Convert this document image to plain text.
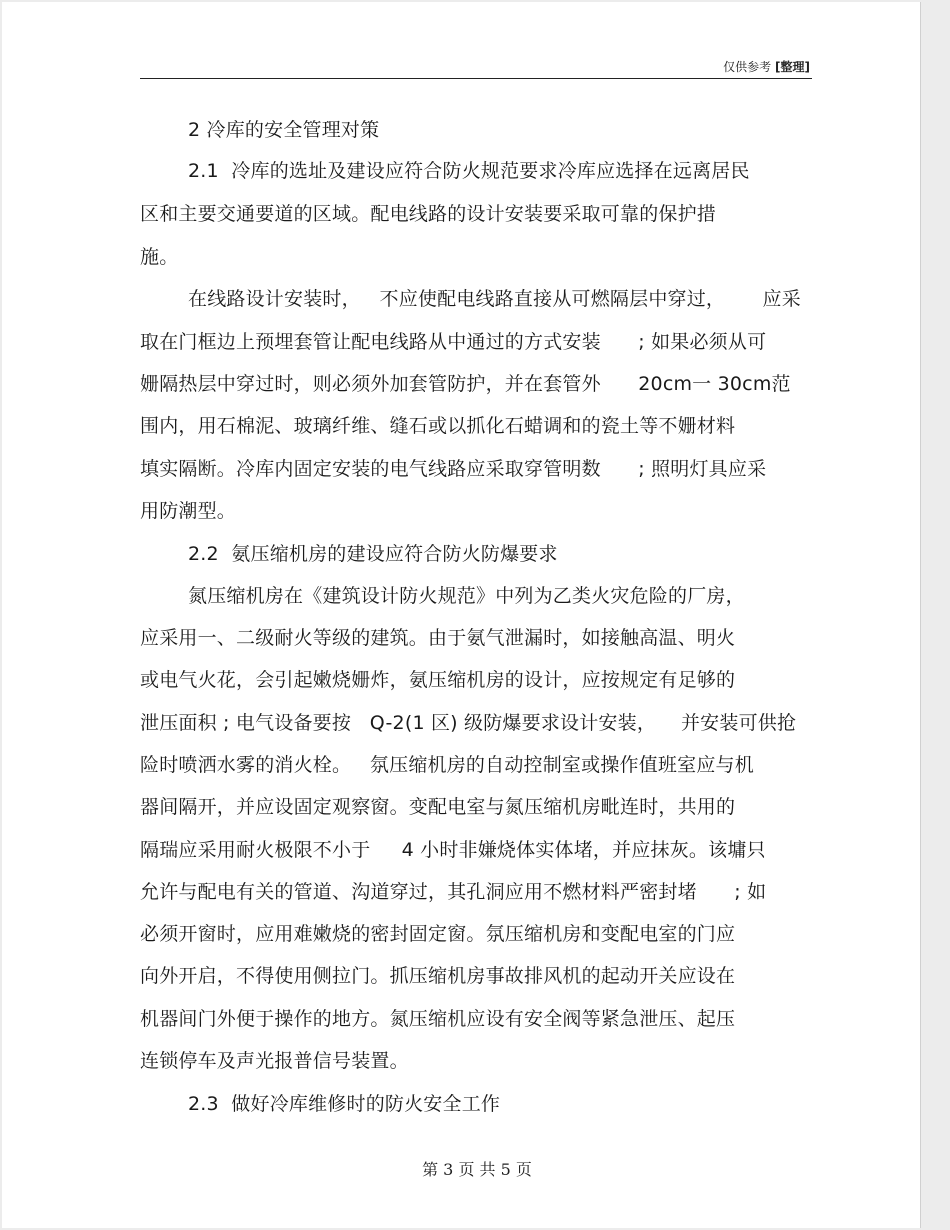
仅供参考 [整理]
2 冷库的安全管理对策
2.1  冷库的选址及建设应符合防火规范要求冷库应选择在远离居民
区和主要交通要道的区域。配电线路的设计安装要采取可靠的保护措
施。
在线路设计安装时，   不应使配电线路直接从可燃隔层中穿过，      应采
取在门框边上预埋套管让配电线路从中通过的方式安装      ; 如果必须从可
姗隔热层中穿过时，则必须外加套管防护，并在套管外      20cm一 30cm范
围内，用石棉泥、玻璃纤维、缝石或以抓化石蜡调和的瓷土等不姗材料
填实隔断。冷库内固定安装的电气线路应采取穿管明数      ; 照明灯具应采
用防潮型。
2.2  氨压缩机房的建设应符合防火防爆要求
氮压缩机房在《建筑设计防火规范》中列为乙类火灾危险的厂房，
应采用一、二级耐火等级的建筑。由于氨气泄漏时，如接触高温、明火
或电气火花，会引起嫩烧姗炸，氨压缩机房的设计，应按规定有足够的
泄压面积 ; 电气设备要按   Q-2(1 区) 级防爆要求设计安装，    并安装可供抢
险时喷洒水雾的消火栓。   氛压缩机房的自动控制室或操作值班室应与机
器间隔开，并应设固定观察窗。变配电室与氮压缩机房毗连时，共用的
隔瑞应采用耐火极限不小于     4 小时非嫌烧体实体堵，并应抹灰。该墉只
允许与配电有关的管道、沟道穿过，其孔洞应用不燃材料严密封堵      ; 如
必须开窗时，应用难嫩烧的密封固定窗。氛压缩机房和变配电室的门应
向外开启，不得使用侧拉门。抓压缩机房事故排风机的起动开关应设在
机器间门外便于操作的地方。氮压缩机应设有安全阀等紧急泄压、起压
连锁停车及声光报普信号装置。
2.3  做好冷库维修时的防火安全工作
第 3 页 共 5 页
